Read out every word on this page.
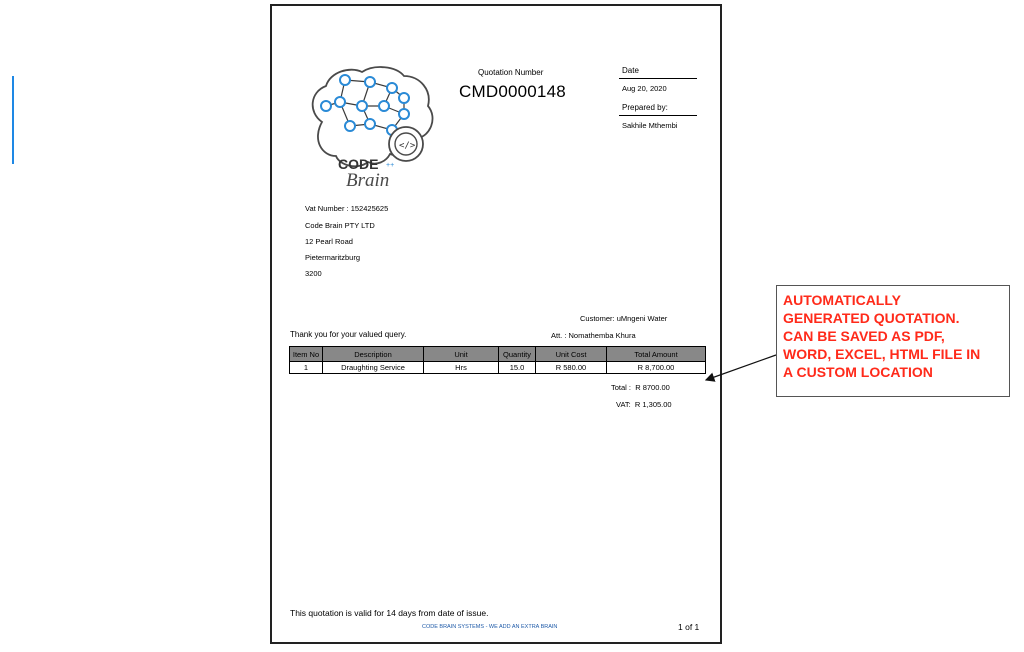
</>
CODE ++
Brain
Quotation Number
CMD0000148
Date
Aug 20, 2020
Prepared by:
Sakhile Mthembi
Vat Number : 152425625
Code Brain PTY LTD
12 Pearl Road
Pietermaritzburg
3200
Customer: uMngeni Water
Thank you for your valued query.	Att. : Nomathemba Khura
Item No	Description	Unit	Quantity	Unit Cost	Total Amount
1	Draughting Service	Hrs	15.0	R 580.00	R 8,700.00
Total : R 8700.00
VAT: R 1,305.00
This quotation is valid for 14 days from date of issue.
CODE BRAIN SYSTEMS - WE ADD AN EXTRA BRAIN	1 of 1
AUTOMATICALLY
GENERATED QUOTATION.
CAN BE SAVED AS PDF,
WORD, EXCEL, HTML FILE IN
A CUSTOM LOCATION
